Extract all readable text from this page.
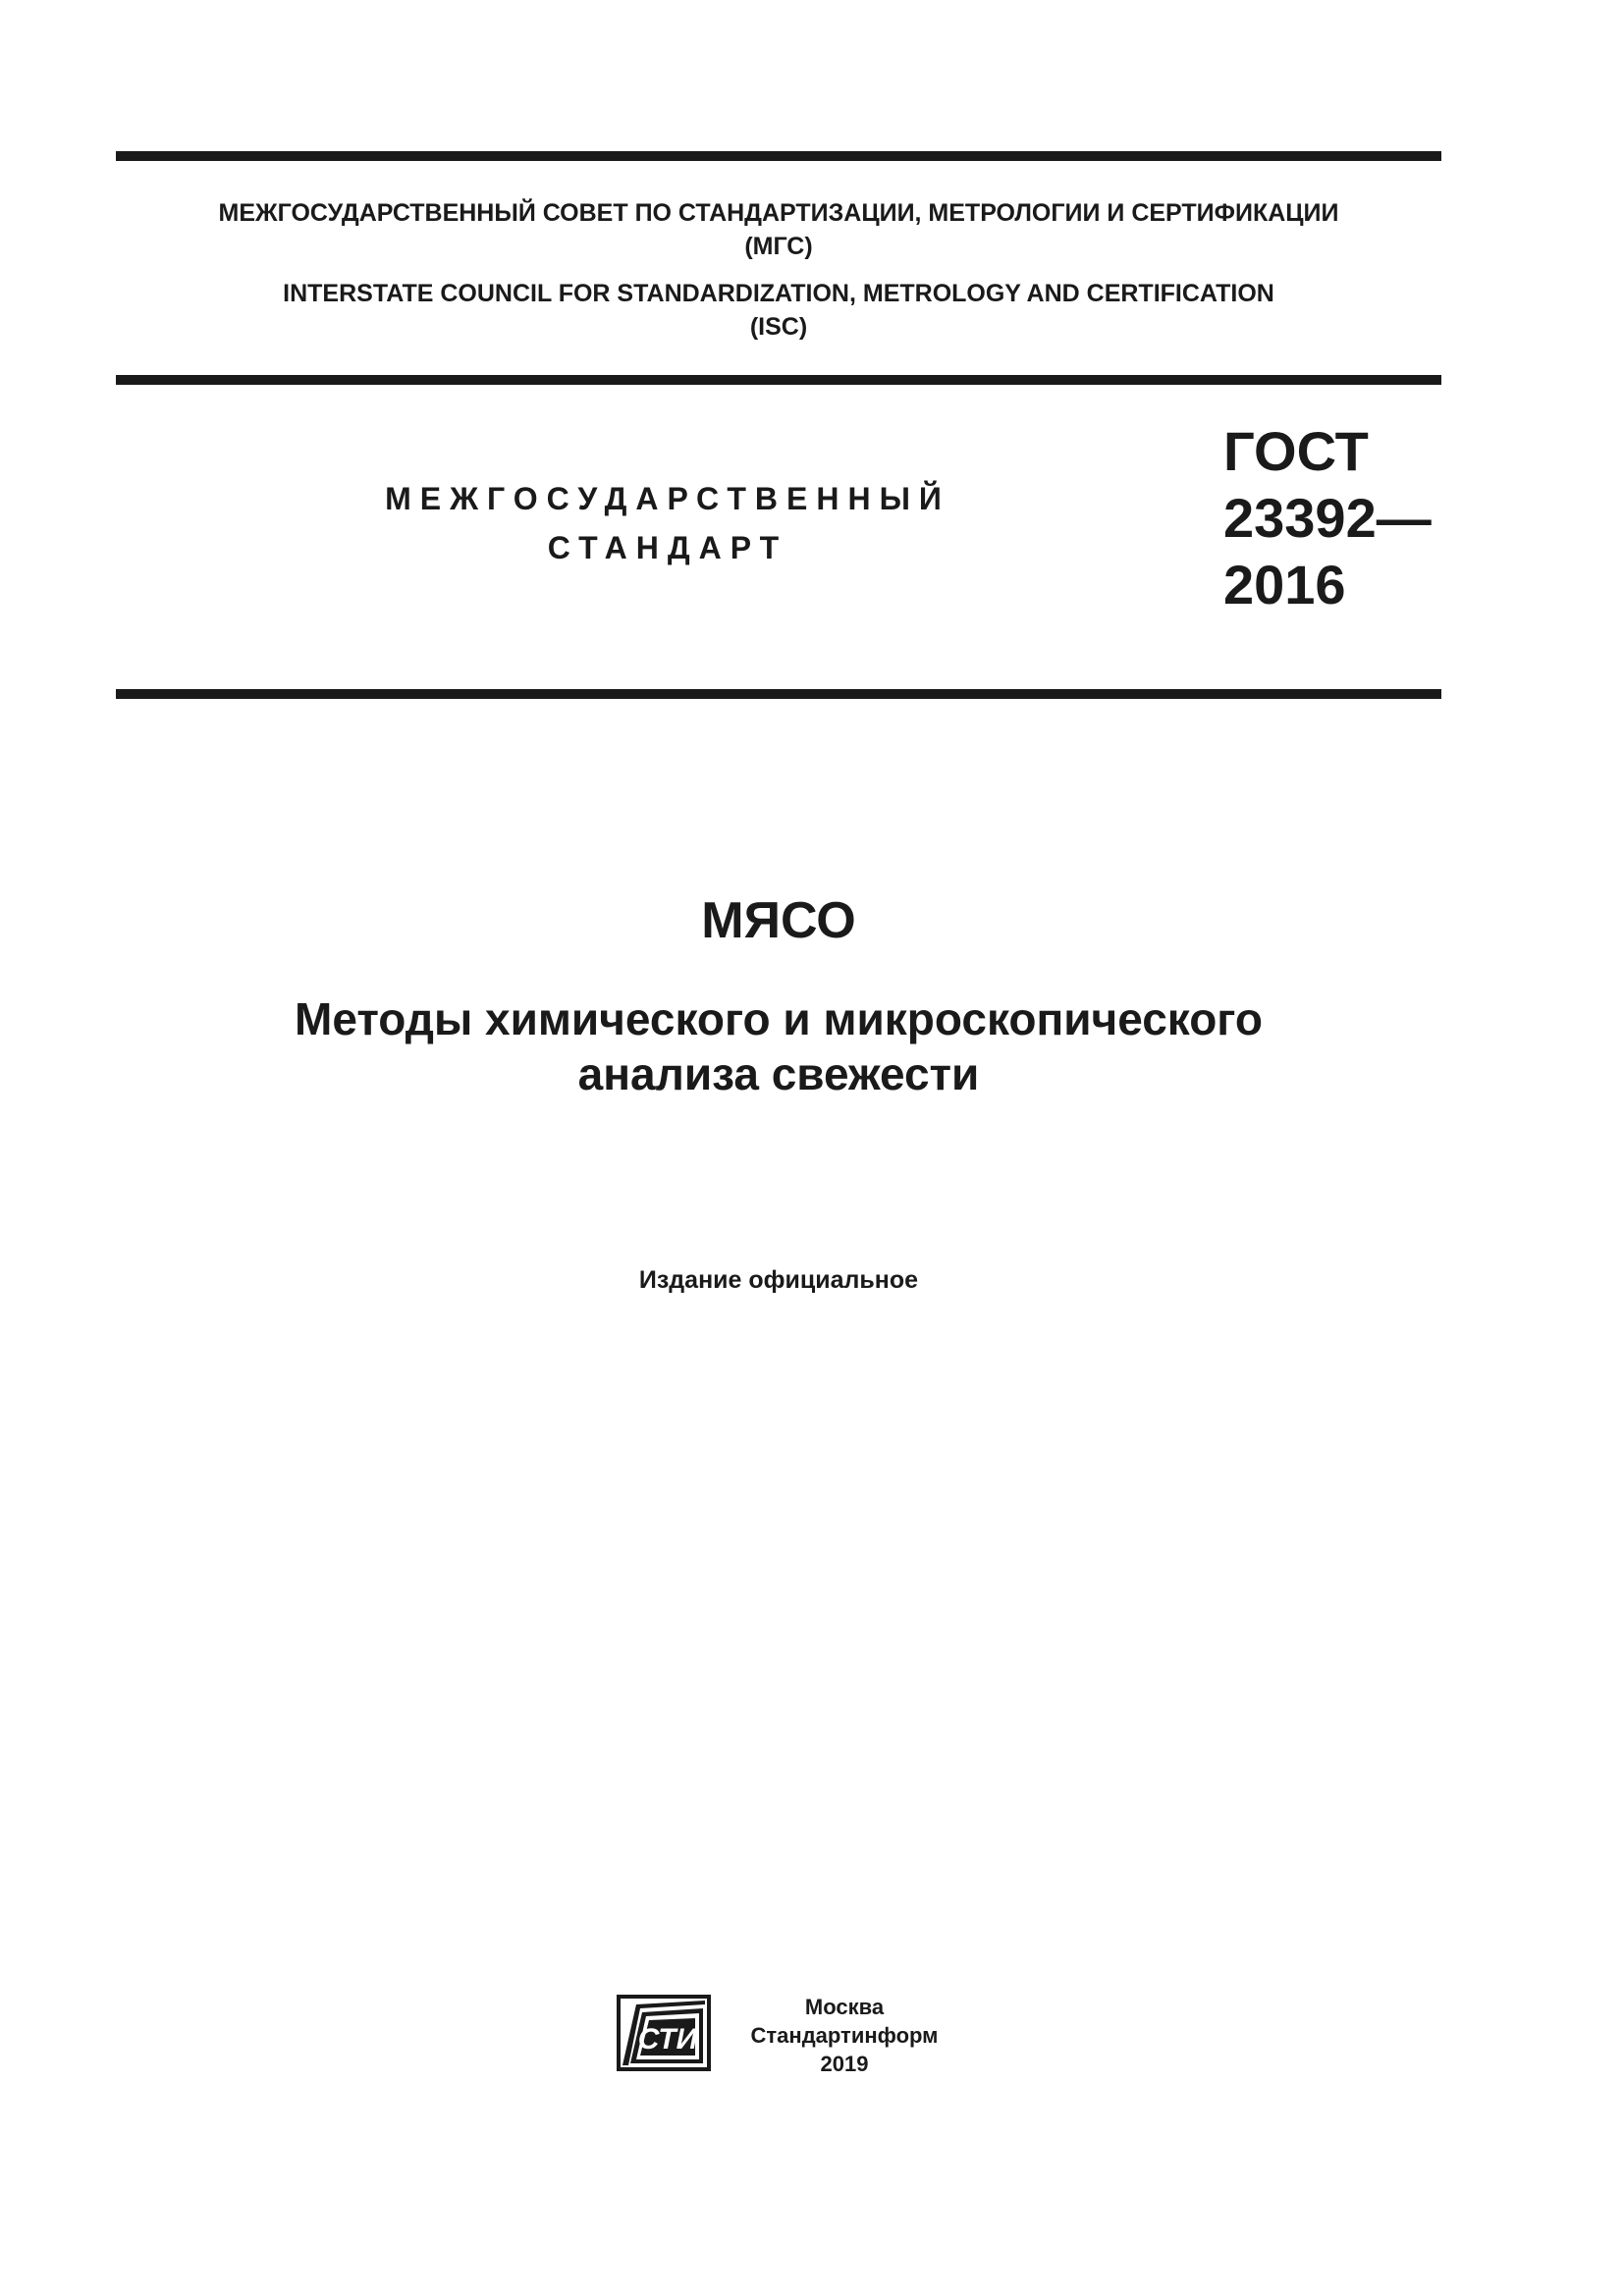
МЕЖГОСУДАРСТВЕННЫЙ СОВЕТ ПО СТАНДАРТИЗАЦИИ, МЕТРОЛОГИИ И СЕРТИФИКАЦИИ
(МГС)
INTERSTATE COUNCIL FOR STANDARDIZATION, METROLOGY AND CERTIFICATION
(ISC)
МЕЖГОСУДАРСТВЕННЫЙ
СТАНДАРТ
ГОСТ
23392—
2016
МЯСО
Методы химического и микроскопического
анализа свежести
Издание официальное
СТИ
Москва
Стандартинформ
2019
